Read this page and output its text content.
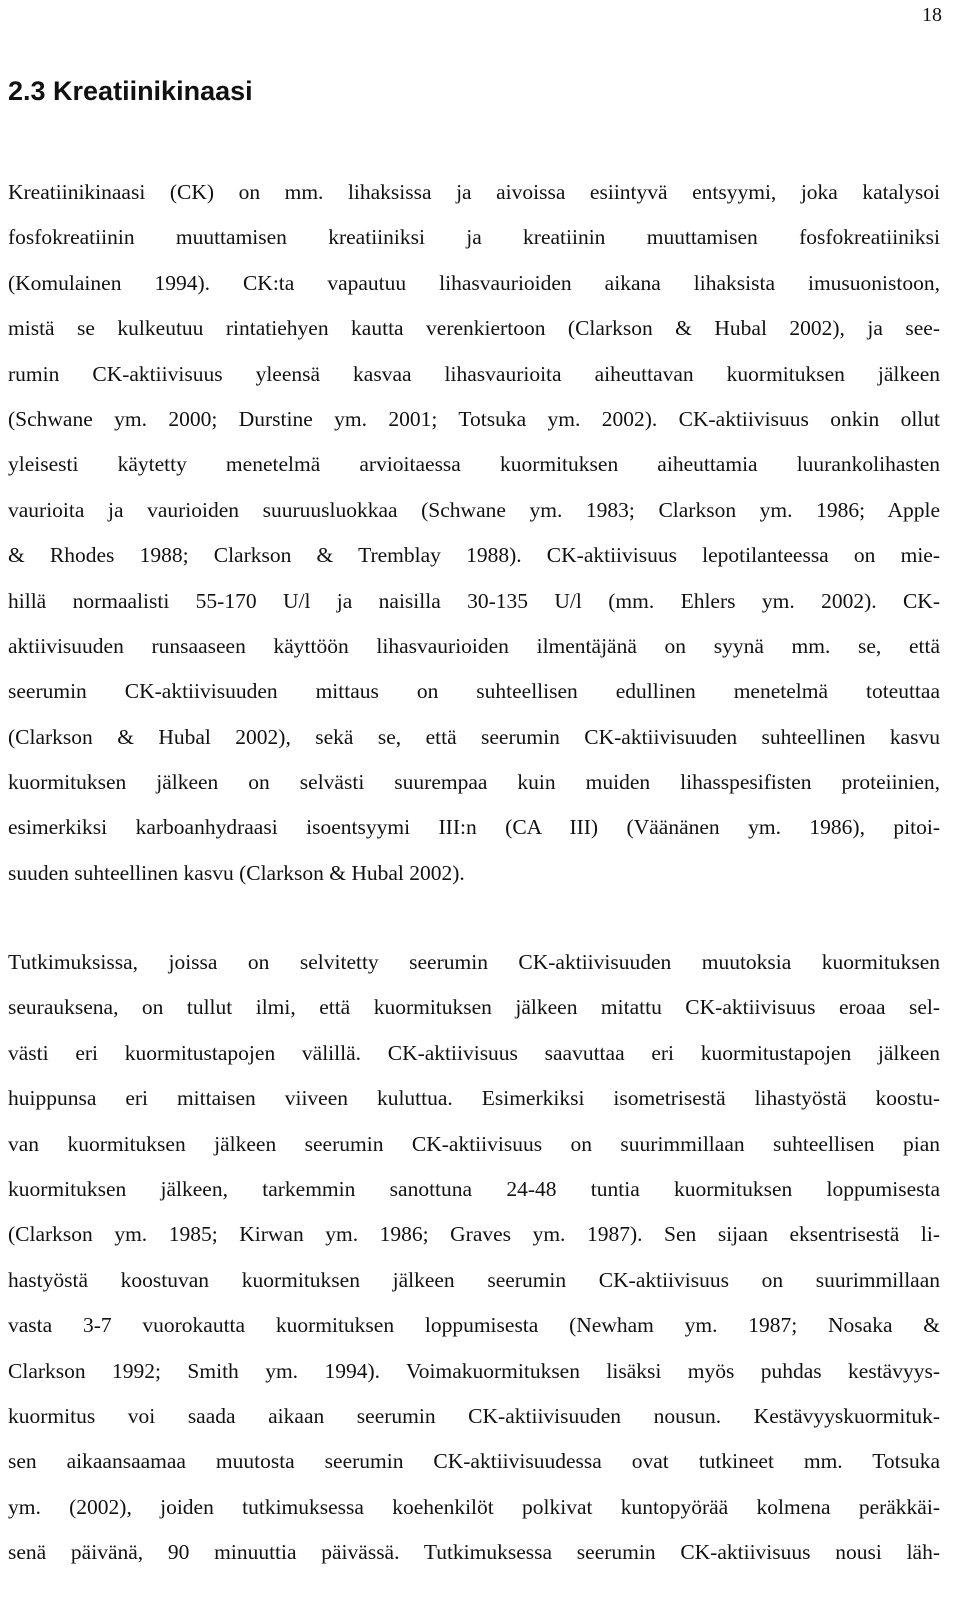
18
2.3 Kreatiinikinaasi
Kreatiinikinaasi (CK) on mm. lihaksissa ja aivoissa esiintyvä entsyymi, joka katalysoi
fosfokreatiinin muuttamisen kreatiiniksi ja kreatiinin muuttamisen fosfokreatiiniksi
(Komulainen 1994). CK:ta vapautuu lihasvaurioiden aikana lihaksista imusuonistoon,
mistä se kulkeutuu rintatiehyen kautta verenkiertoon (Clarkson & Hubal 2002), ja see-
rumin CK-aktiivisuus yleensä kasvaa lihasvaurioita aiheuttavan kuormituksen jälkeen
(Schwane ym. 2000; Durstine ym. 2001; Totsuka ym. 2002). CK-aktiivisuus onkin ollut
yleisesti käytetty menetelmä arvioitaessa kuormituksen aiheuttamia luurankolihasten
vaurioita ja vaurioiden suuruusluokkaa (Schwane ym. 1983; Clarkson ym. 1986; Apple
& Rhodes 1988; Clarkson & Tremblay 1988). CK-aktiivisuus lepotilanteessa on mie-
hillä normaalisti 55-170 U/l ja naisilla 30-135 U/l (mm. Ehlers ym. 2002). CK-
aktiivisuuden runsaaseen käyttöön lihasvaurioiden ilmentäjänä on syynä mm. se, että
seerumin CK-aktiivisuuden mittaus on suhteellisen edullinen menetelmä toteuttaa
(Clarkson & Hubal 2002), sekä se, että seerumin CK-aktiivisuuden suhteellinen kasvu
kuormituksen jälkeen on selvästi suurempaa kuin muiden lihasspesifisten proteiinien,
esimerkiksi karboanhydraasi isoentsyymi III:n (CA III) (Väänänen ym. 1986), pitoi-
suuden suhteellinen kasvu (Clarkson & Hubal 2002).
Tutkimuksissa, joissa on selvitetty seerumin CK-aktiivisuuden muutoksia kuormituksen
seurauksena, on tullut ilmi, että kuormituksen jälkeen mitattu CK-aktiivisuus eroaa sel-
västi eri kuormitustapojen välillä. CK-aktiivisuus saavuttaa eri kuormitustapojen jälkeen
huippunsa eri mittaisen viiveen kuluttua. Esimerkiksi isometrisestä lihastyöstä koostu-
van kuormituksen jälkeen seerumin CK-aktiivisuus on suurimmillaan suhteellisen pian
kuormituksen jälkeen, tarkemmin sanottuna 24-48 tuntia kuormituksen loppumisesta
(Clarkson ym. 1985; Kirwan ym. 1986; Graves ym. 1987). Sen sijaan eksentrisestä li-
hastyöstä koostuvan kuormituksen jälkeen seerumin CK-aktiivisuus on suurimmillaan
vasta 3-7 vuorokautta kuormituksen loppumisesta (Newham ym. 1987; Nosaka &
Clarkson 1992; Smith ym. 1994). Voimakuormituksen lisäksi myös puhdas kestävyys-
kuormitus voi saada aikaan seerumin CK-aktiivisuuden nousun. Kestävyyskuormituk-
sen aikaansaamaa muutosta seerumin CK-aktiivisuudessa ovat tutkineet mm. Totsuka
ym. (2002), joiden tutkimuksessa koehenkilöt polkivat kuntopyörää kolmena peräkkäi-
senä päivänä, 90 minuuttia päivässä. Tutkimuksessa seerumin CK-aktiivisuus nousi läh-
